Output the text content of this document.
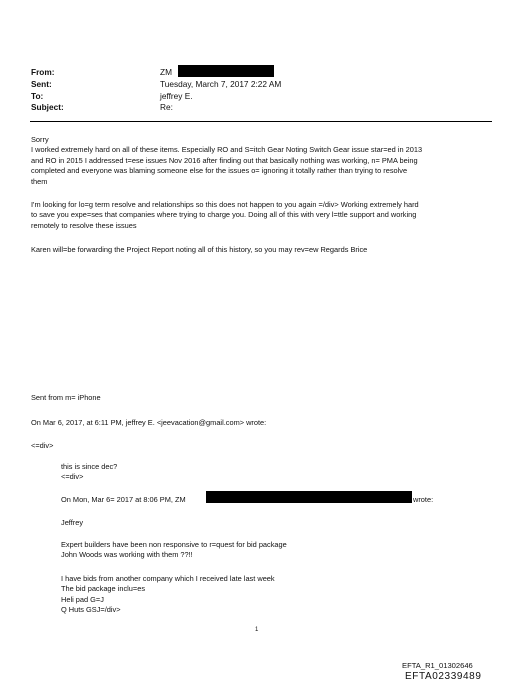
From:	ZM
Sent:	Tuesday, March 7, 2017 2:22 AM
To:	jeffrey E.
Subject:	Re:
Sorry
I worked extremely hard on all of these items. Especially RO and S=itch Gear Noting Switch Gear issue star=ed in 2013
and RO in 2015 I addressed t=ese issues Nov 2016 after finding out that basically nothing was working, n= PMA being
completed and everyone was blaming someone else for the issues o= ignoring it totally rather than trying to resolve
them
I'm looking for lo=g term resolve and relationships so this does not happen to you again =/div> Working extremely hard
to save you expe=ses that companies where trying to charge you. Doing all of this with very l=ttle support and working
remotely to resolve these issues
Karen will=be forwarding the Project Report noting all of this history, so you may rev=ew Regards Brice
Sent from m= iPhone
On Mar 6, 2017, at 6:11 PM, jeffrey E. <jeevacation@gmail.com> wrote:
<=div>
this is since dec?
<=div>
On Mon, Mar 6= 2017 at 8:06 PM, ZM	wrote:
Jeffrey
Expert builders have been non responsive to r=quest for bid package
John Woods was working with them ??!!
I have bids from another company which I received late last week
The bid package inclu=es
Heli pad G=J
Q Huts GSJ=/div>
1
EFTA_R1_01302646
EFTA02339489
